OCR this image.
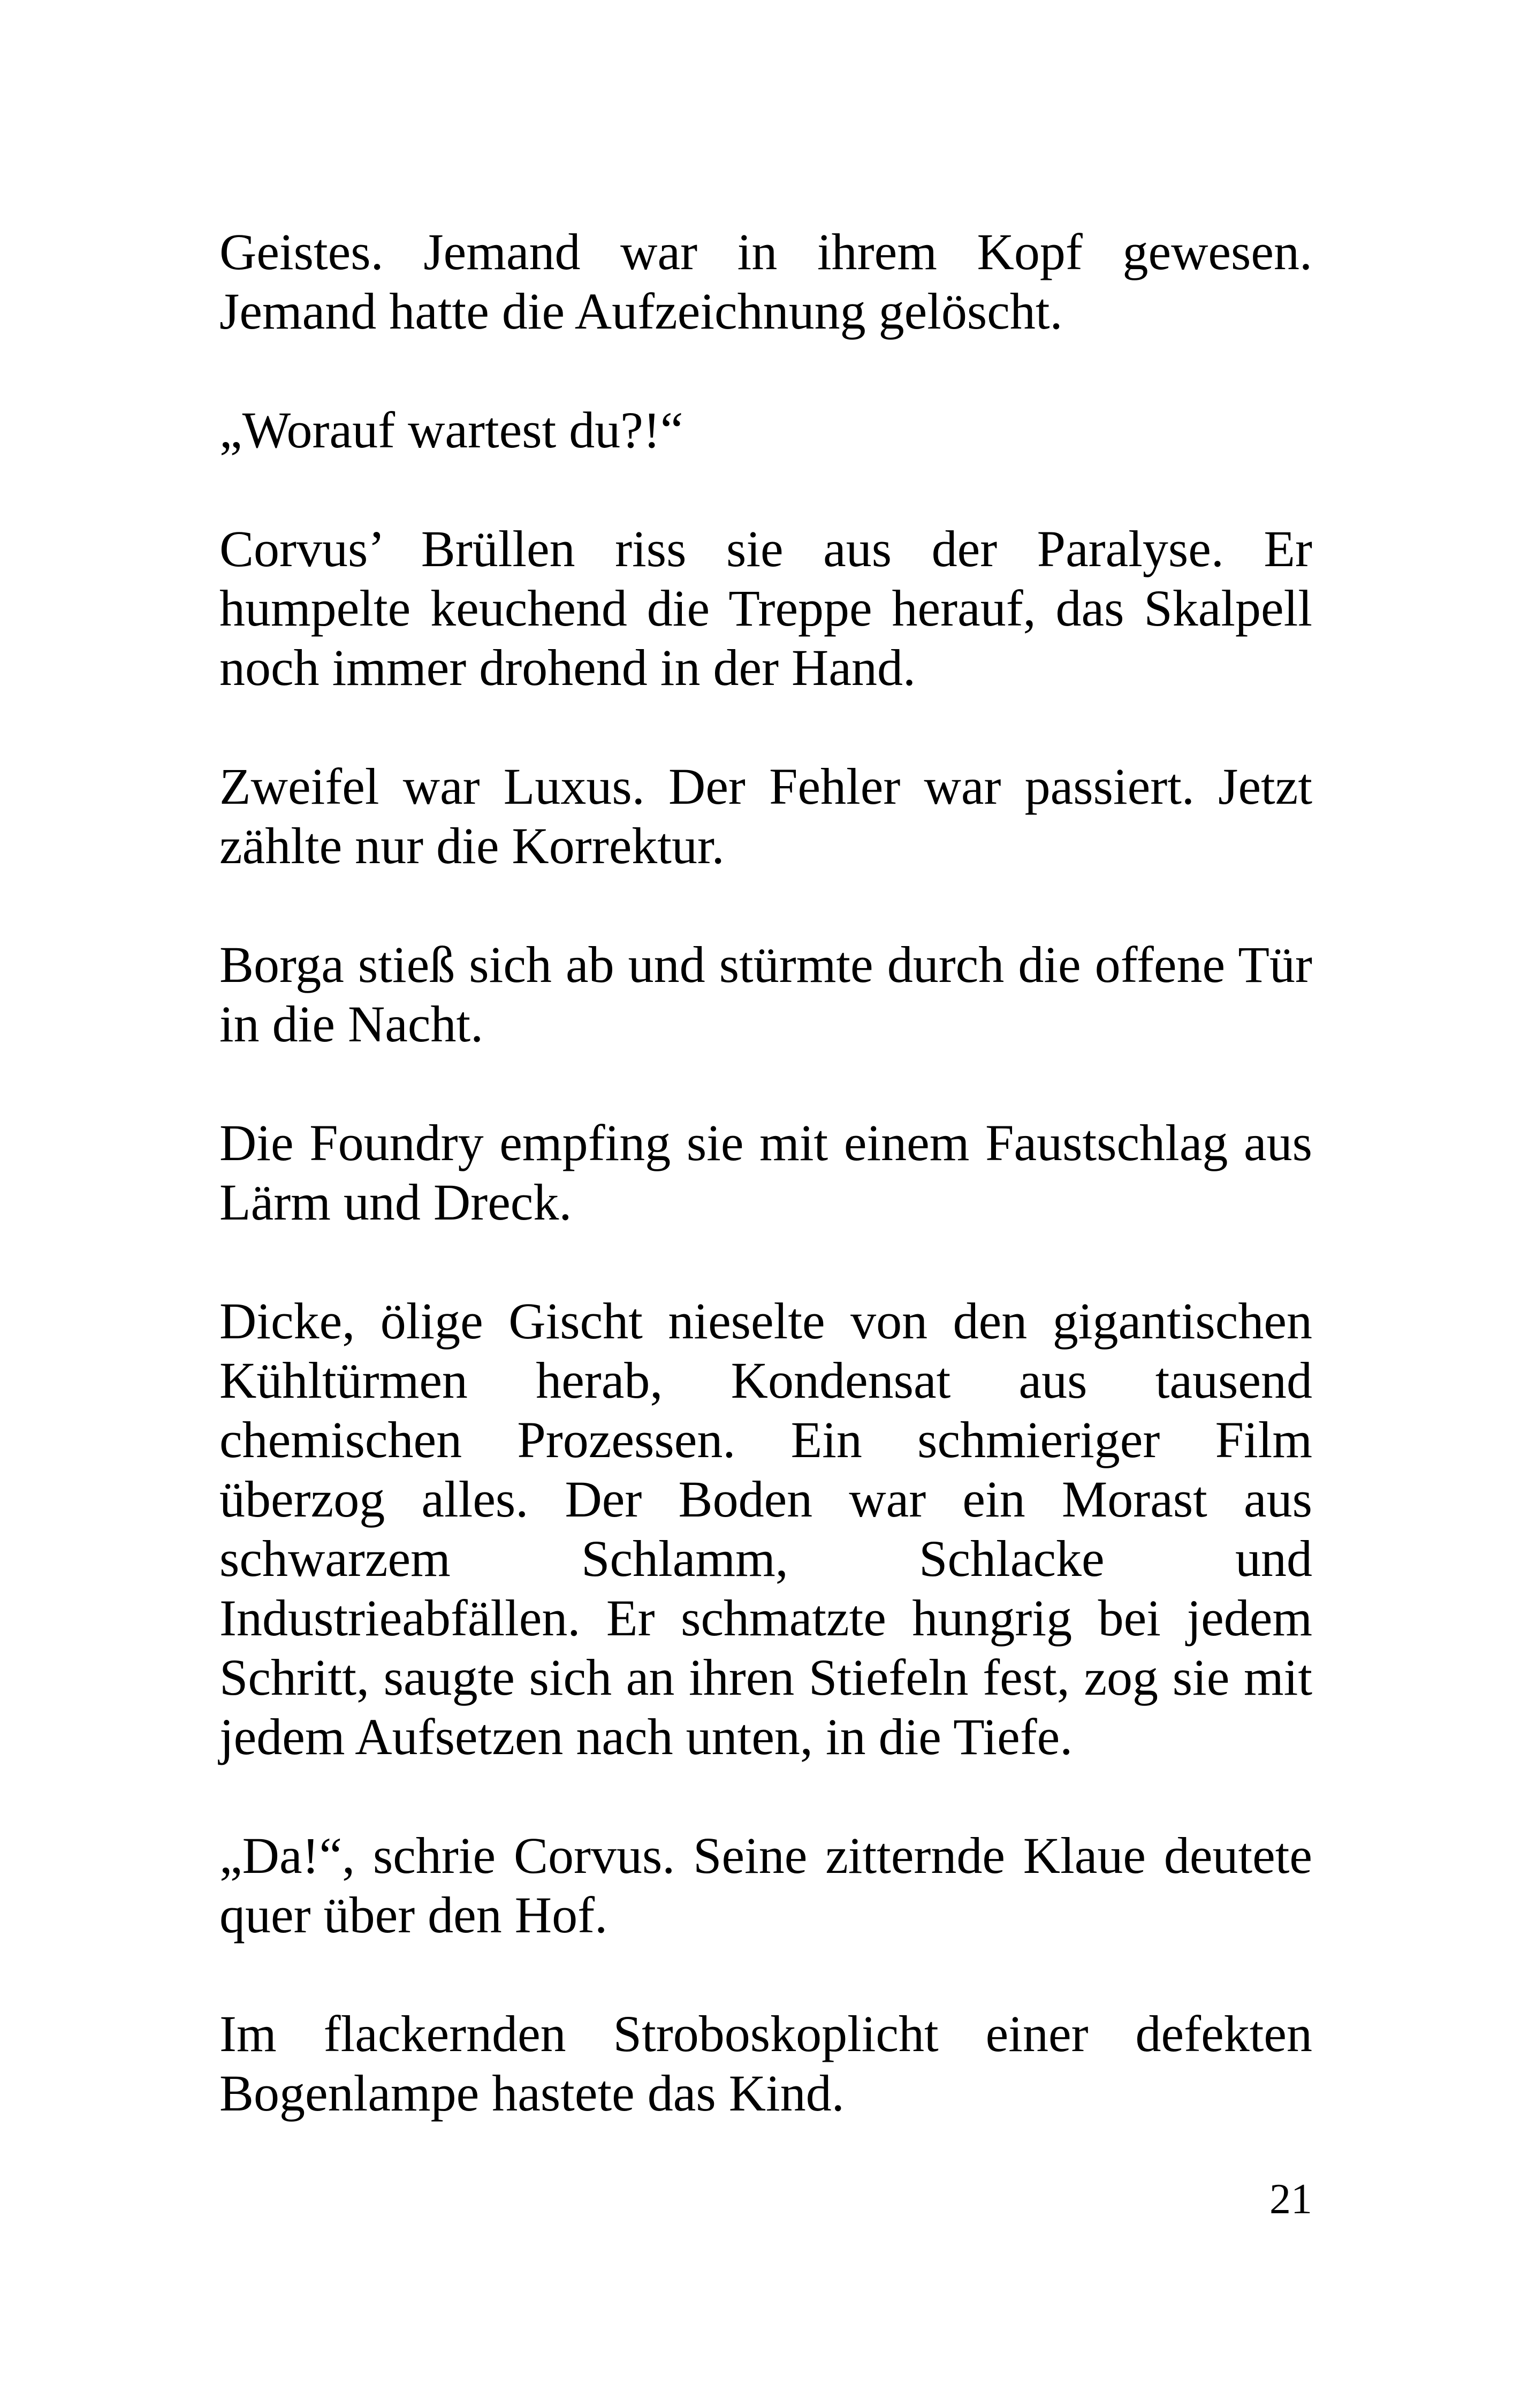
Geistes. Jemand war in ihrem Kopf gewesen. Jemand hatte die Aufzeichnung gelöscht.

„Worauf wartest du?!“

Corvus’ Brüllen riss sie aus der Paralyse. Er humpelte keuchend die Treppe herauf, das Skalpell noch immer drohend in der Hand.

Zweifel war Luxus. Der Fehler war passiert. Jetzt zählte nur die Korrektur.

Borga stieß sich ab und stürmte durch die offene Tür in die Nacht.

Die Foundry empfing sie mit einem Faustschlag aus Lärm und Dreck.

Dicke, ölige Gischt nieselte von den gigantischen Kühltürmen herab, Kondensat aus tausend chemischen Prozessen. Ein schmieriger Film überzog alles. Der Boden war ein Morast aus schwarzem Schlamm, Schlacke und Industrieabfällen. Er schmatzte hungrig bei jedem Schritt, saugte sich an ihren Stiefeln fest, zog sie mit jedem Aufsetzen nach unten, in die Tiefe.

„Da!“, schrie Corvus. Seine zitternde Klaue deutete quer über den Hof.

Im flackernden Stroboskoplicht einer defekten Bogenlampe hastete das Kind.

21
